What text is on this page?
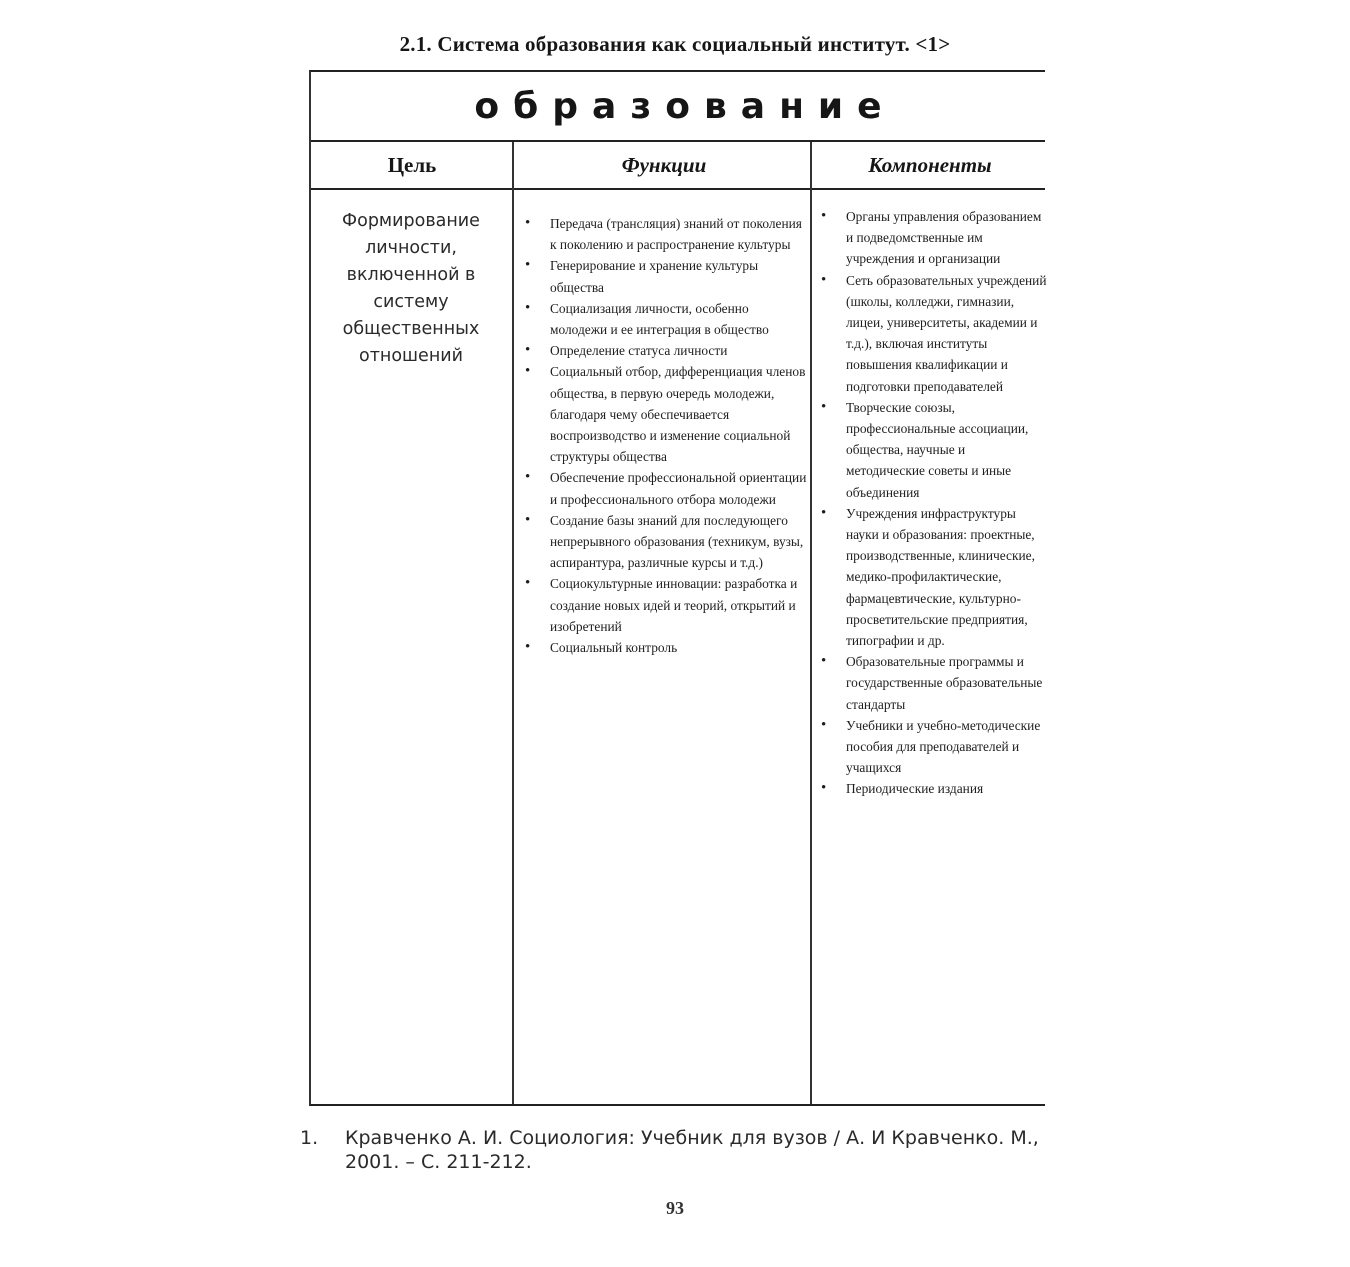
2.1. Система образования как социальный институт. <1>
образование
Цель	Функции	Компоненты
Формирование личности, включенной в систему общественных отношений
• Передача (трансляция) знаний от поколения к поколению и распространение культуры
• Генерирование и хранение культуры общества
• Социализация личности, особенно молодежи и ее интеграция в общество
• Определение статуса личности
• Социальный отбор, дифференциация членов общества, в первую очередь молодежи, благодаря чему обеспечивается воспроизводство и изменение социальной структуры общества
• Обеспечение профессиональной ориентации и профессионального отбора молодежи
• Создание базы знаний для последующего непрерывного образования (техникум, вузы, аспирантура, различные курсы и т.д.)
• Социокультурные инновации: разработка и создание новых идей и теорий, открытий и изобретений
• Социальный контроль
• Органы управления образованием и подведомственные им учреждения и организации
• Сеть образовательных учреждений (школы, колледжи, гимназии, лицеи, университеты, академии и т.д.), включая институты повышения квалификации и подготовки преподавателей
• Творческие союзы, профессиональные ассоциации, общества, научные и методические советы и иные объединения
• Учреждения инфраструктуры науки и образования: проектные, производственные, клинические, медико-профилактические, фармацевтические, культурно-просветительские предприятия, типографии и др.
• Образовательные программы и государственные образовательные стандарты
• Учебники и учебно-методические пособия для преподавателей и учащихся
• Периодические издания
1. Кравченко А. И. Социология: Учебник для вузов / А. И Кравченко. М., 2001. – С. 211-212.
93
